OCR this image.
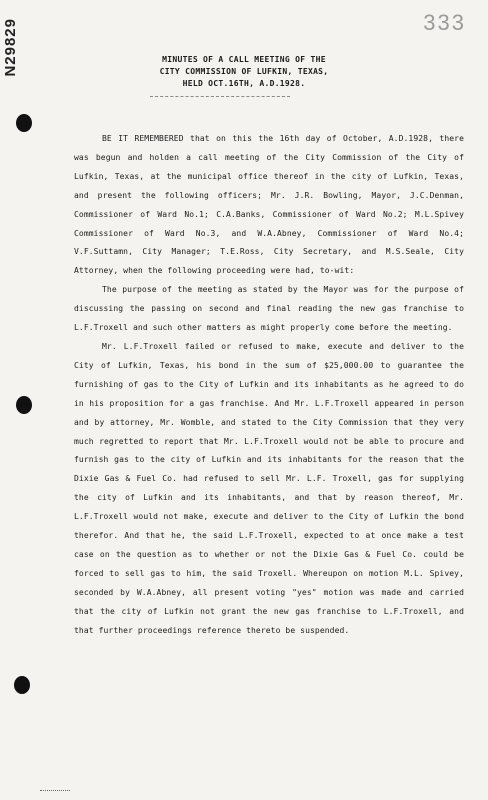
N29829	333
MINUTES OF A CALL MEETING OF THE
CITY COMMISSION OF LUFKIN, TEXAS,
HELD OCT.16TH, A.D.1928.

BE IT REMEMBERED that on this the 16th day of October, A.D.1928, there was begun and holden a call meeting of the City Commission of the City of Lufkin, Texas, at the municipal office thereof in the city of Lufkin, Texas, and present the following officers; Mr. J.R. Bowling, Mayor, J.C.Denman, Commissioner of Ward No.1; C.A.Banks, Commissioner of Ward No.2; M.L.Spivey Commissioner of Ward No.3, and W.A.Abney, Commissioner of Ward No.4; V.F.Suttamn, City Manager; T.E.Ross, City Secretary, and M.S.Seale, City Attorney, when the following proceeding were had, to-wit:

The purpose of the meeting as stated by the Mayor was for the purpose of discussing the passing on second and final reading the new gas franchise to L.F.Troxell and such other matters as might properly come before the meeting.

Mr. L.F.Troxell failed or refused to make, execute and deliver to the City of Lufkin, Texas, his bond in the sum of $25,000.00 to guarantee the furnishing of gas to the City of Lufkin and its inhabitants as he agreed to do in his proposition for a gas franchise. And Mr. L.F.Troxell appeared in person and by attorney, Mr. Womble, and stated to the City Commission that they very much regretted to report that Mr. L.F.Troxell would not be able to procure and furnish gas to the city of Lufkin and its inhabitants for the reason that the Dixie Gas & Fuel Co. had refused to sell Mr. L.F. Troxell, gas for supplying the city of Lufkin and its inhabitants, and that by reason thereof, Mr. L.F.Troxell would not make, execute and deliver to the City of Lufkin the bond therefor. And that he, the said L.F.Troxell, expected to at once make a test case on the question as to whether or not the Dixie Gas & Fuel Co. could be forced to sell gas to him, the said Troxell. Whereupon on motion M.L. Spivey, seconded by W.A.Abney, all present voting "yes" motion was made and carried that the city of Lufkin not grant the new gas franchise to L.F.Troxell, and that further proceedings reference thereto be suspended.
